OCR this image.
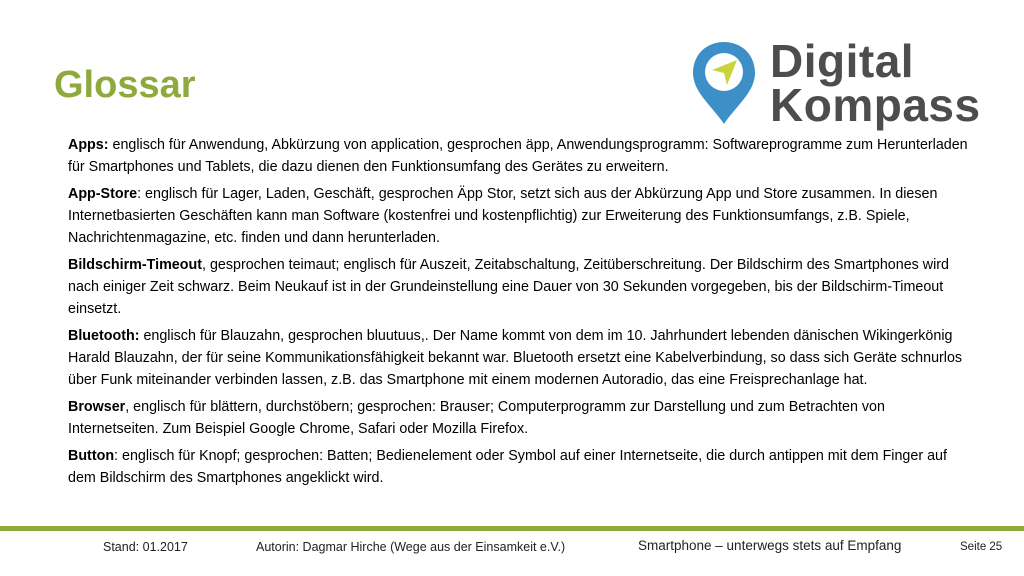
Glossar	Digital
Kompass

Apps: englisch für Anwendung, Abkürzung von application, gesprochen äpp, Anwendungsprogramm: Softwareprogramme zum Herunterladen für Smartphones und Tablets, die dazu dienen den Funktionsumfang des Gerätes zu erweitern.

App-Store: englisch für Lager, Laden, Geschäft, gesprochen Äpp Stor, setzt sich aus der Abkürzung App und Store zusammen. In diesen Internetbasierten Geschäften kann man Software (kostenfrei und kostenpflichtig) zur Erweiterung des Funktionsumfangs, z.B. Spiele, Nachrichtenmagazine, etc. finden und dann herunterladen.

Bildschirm-Timeout, gesprochen teimaut; englisch für Auszeit, Zeitabschaltung, Zeitüberschreitung. Der Bildschirm des Smartphones wird nach einiger Zeit schwarz. Beim Neukauf ist in der Grundeinstellung eine Dauer von 30 Sekunden vorgegeben, bis der Bildschirm-Timeout einsetzt.

Bluetooth: englisch für Blauzahn, gesprochen bluutuus,. Der Name kommt von dem im 10. Jahrhundert lebenden dänischen Wikingerkönig Harald Blauzahn, der für seine Kommunikationsfähigkeit bekannt war. Bluetooth ersetzt eine Kabelverbindung, so dass sich Geräte schnurlos über Funk miteinander verbinden lassen, z.B. das Smartphone mit einem modernen Autoradio, das eine Freisprechanlage hat.

Browser, englisch für blättern, durchstöbern; gesprochen: Brauser; Computerprogramm zur Darstellung und zum Betrachten von Internetseiten. Zum Beispiel Google Chrome, Safari oder Mozilla Firefox.

Button: englisch für Knopf; gesprochen: Batten; Bedienelement oder Symbol auf einer Internetseite, die durch antippen mit dem Finger auf dem Bildschirm des Smartphones angeklickt wird.

Stand: 01.2017	Autorin: Dagmar Hirche (Wege aus der Einsamkeit e.V.)	Smartphone – unterwegs stets auf Empfang	Seite 25
